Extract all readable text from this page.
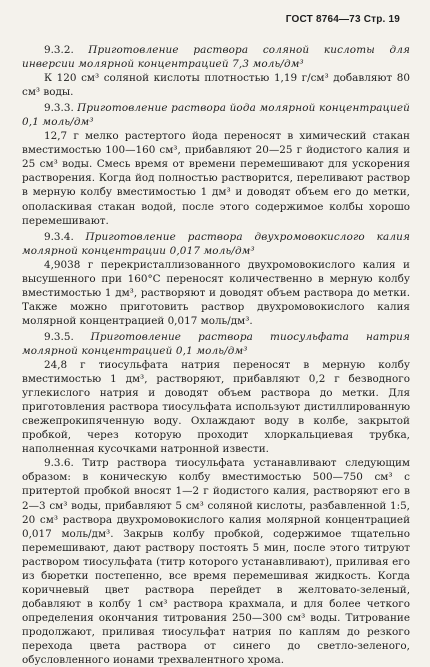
ГОСТ 8764—73 Стр. 19

9.3.2. Приготовление раствора соляной кислоты для инверсии молярной концентрацией 7,3 моль/дм³

К 120 см³ соляной кислоты плотностью 1,19 г/см³ добавляют 80 см³ воды.

9.3.3. Приготовление раствора йода молярной концентрацией 0,1 моль/дм³

12,7 г мелко растертого йода переносят в химический стакан вместимостью 100—160 см³, прибавляют 20—25 г йодистого калия и 25 см³ воды. Смесь время от времени перемешивают для ускорения растворения. Когда йод полностью растворится, переливают раствор в мерную колбу вместимостью 1 дм³ и доводят объем его до метки, ополаскивая стакан водой, после этого содержимое колбы хорошо перемешивают.

9.3.4. Приготовление раствора двухромовокислого калия молярной концентрации 0,017 моль/дм³

4,9038 г перекристаллизованного двухромовокислого калия и высушенного при 160°С переносят количественно в мерную колбу вместимостью 1 дм³, растворяют и доводят объем раствора до метки. Также можно приготовить раствор двухромовокислого калия молярной концентрацией 0,017 моль/дм³.

9.3.5. Приготовление раствора тиосульфата натрия молярной концентрацией 0,1 моль/дм³

24,8 г тиосульфата натрия переносят в мерную колбу вместимостью 1 дм³, растворяют, прибавляют 0,2 г безводного углекислого натрия и доводят объем раствора до метки. Для приготовления раствора тиосульфата используют дистиллированную свежепрокипяченную воду. Охлаждают воду в колбе, закрытой пробкой, через которую проходит хлоркальциевая трубка, наполненная кусочками натронной извести.

9.3.6. Титр раствора тиосульфата устанавливают следующим образом: в коническую колбу вместимостью 500—750 см³ с притертой пробкой вносят 1—2 г йодистого калия, растворяют его в 2—3 см³ воды, прибавляют 5 см³ соляной кислоты, разбавленной 1:5, 20 см³ раствора двухромовокислого калия молярной концентрацией 0,017 моль/дм³. Закрыв колбу пробкой, содержимое тщательно перемешивают, дают раствору постоять 5 мин, после этого титруют раствором тиосульфата (титр которого устанавливают), приливая его из бюретки постепенно, все время перемешивая жидкость. Когда коричневый цвет раствора перейдет в желтовато-зеленый, добавляют в колбу 1 см³ раствора крахмала, и для более четкого определения окончания титрования 250—300 см³ воды. Титрование продолжают, приливая тиосульфат натрия по каплям до резкого перехода цвета раствора от синего до светло-зеленого, обусловленного ионами трехвалентного хрома.
